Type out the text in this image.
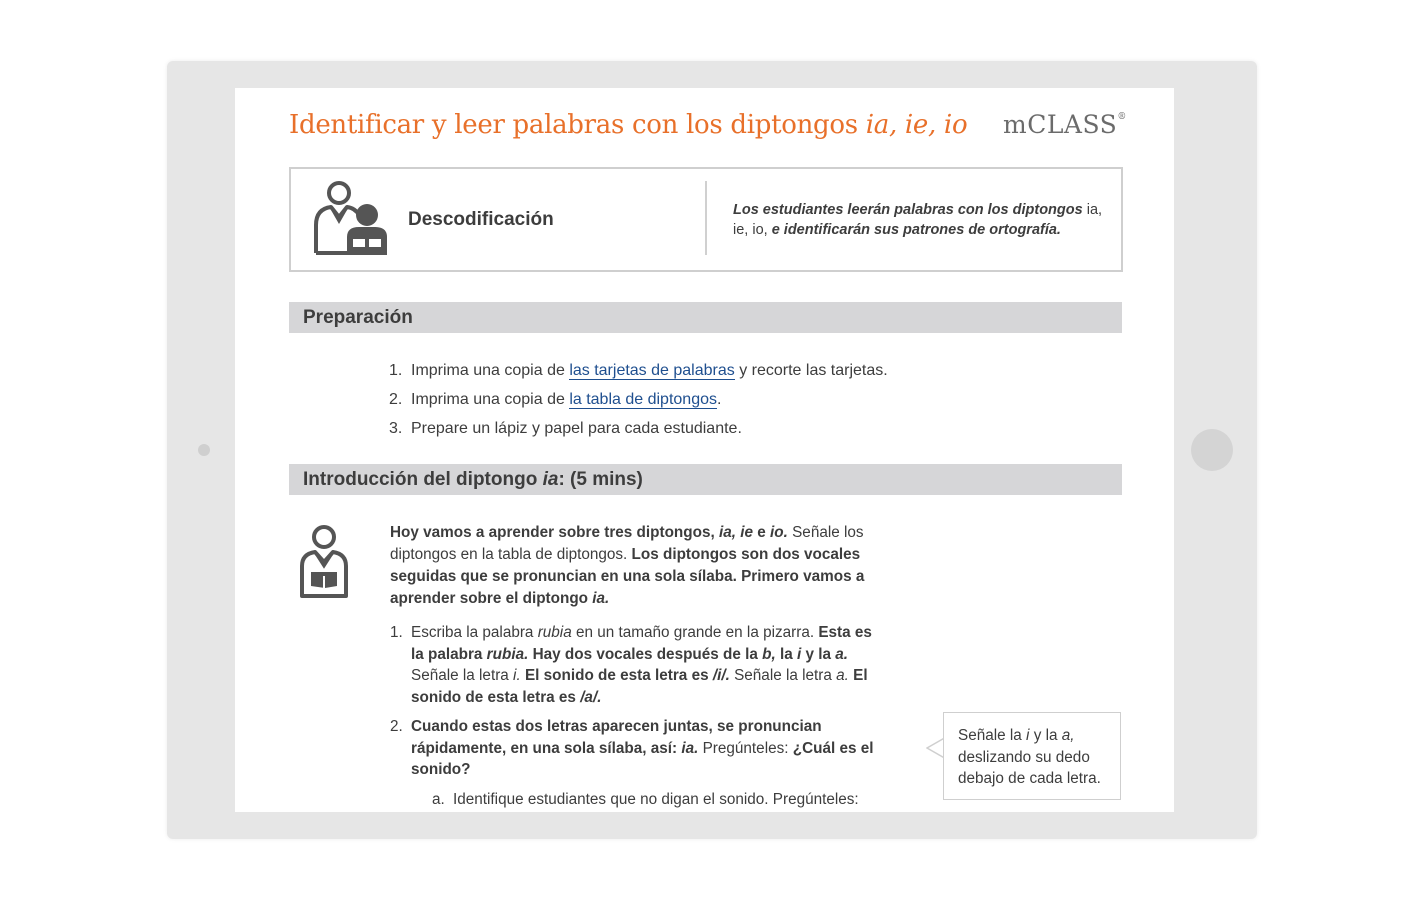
Identificar y leer palabras con los diptongos ia, ie, io mCLASS®
Descodificación	Los estudiantes leerán palabras con los diptongos ia,
ie, io, e identificarán sus patrones de ortografía.
Preparación
1. Imprima una copia de las tarjetas de palabras y recorte las tarjetas.
2. Imprima una copia de la tabla de diptongos.
3. Prepare un lápiz y papel para cada estudiante.
Introducción del diptongo ia: (5 mins)
Hoy vamos a aprender sobre tres diptongos, ia, ie e io. Señale los diptongos en la tabla de diptongos. Los diptongos son dos vocales seguidas que se pronuncian en una sola sílaba. Primero vamos a aprender sobre el diptongo ia.
1. Escriba la palabra rubia en un tamaño grande en la pizarra. Esta es la palabra rubia. Hay dos vocales después de la b, la i y la a. Señale la letra i. El sonido de esta letra es /i/. Señale la letra a. El sonido de esta letra es /a/.
2. Cuando estas dos letras aparecen juntas, se pronuncian rápidamente, en una sola sílaba, así: ia. Pregúnteles: ¿Cuál es el sonido?
a. Identifique estudiantes que no digan el sonido. Pregúnteles:
Señale la i y la a, deslizando su dedo debajo de cada letra.
